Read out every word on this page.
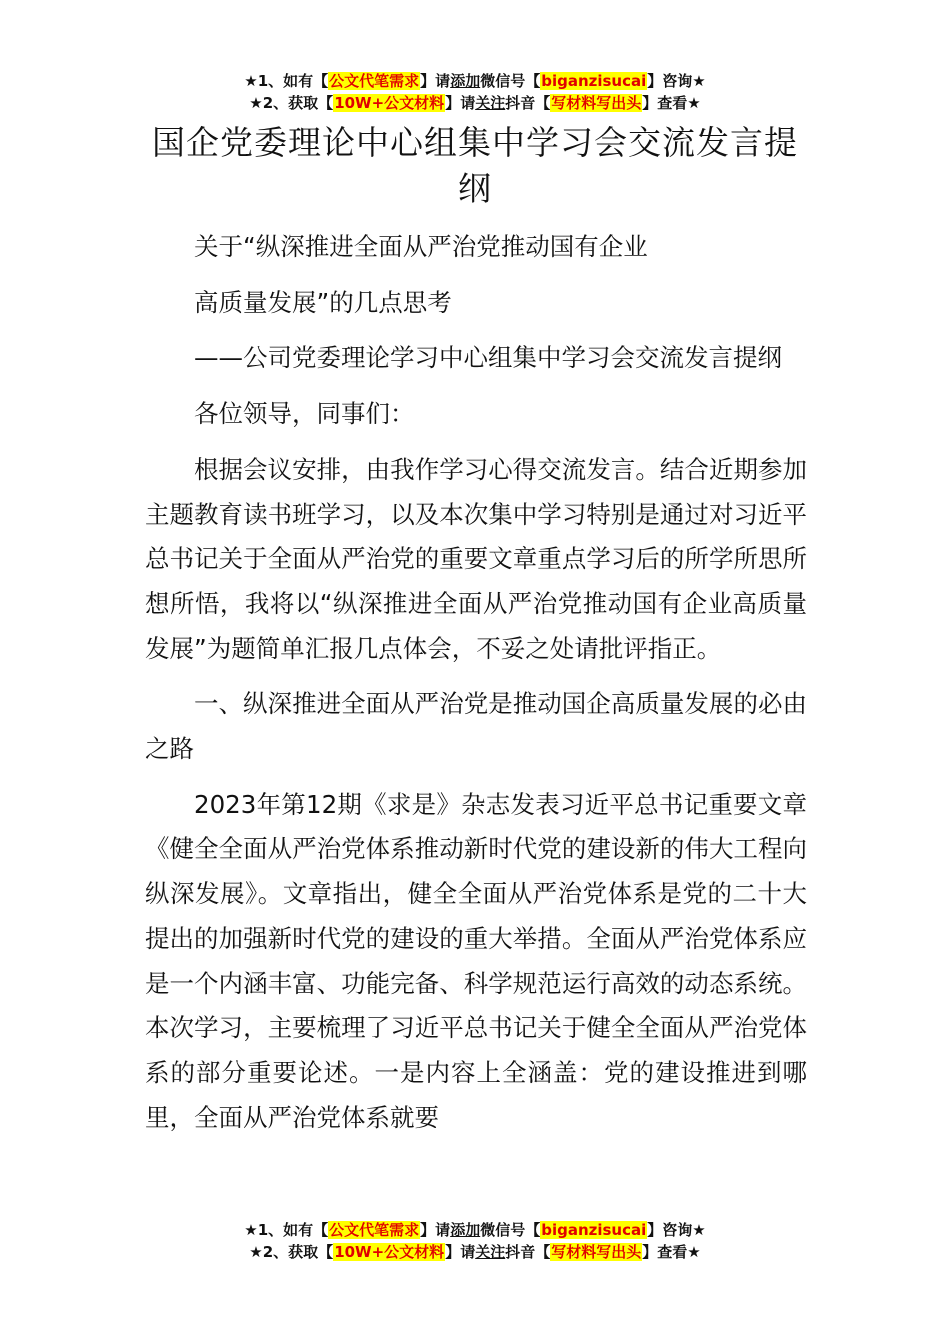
★1、如有【公文代笔需求】请添加微信号【biganzisucai】咨询★
★2、获取【10W+公文材料】请关注抖音【写材料写出头】查看★
国企党委理论中心组集中学习会交流发言提纲

关于“纵深推进全面从严治党推动国有企业

高质量发展”的几点思考

——公司党委理论学习中心组集中学习会交流发言提纲

各位领导，同事们：

根据会议安排，由我作学习心得交流发言。结合近期参加主题教育读书班学习，以及本次集中学习特别是通过对习近平总书记关于全面从严治党的重要文章重点学习后的所学所思所想所悟，我将以“纵深推进全面从严治党推动国有企业高质量发展”为题简单汇报几点体会，不妥之处请批评指正。

一、纵深推进全面从严治党是推动国企高质量发展的必由之路

2023年第12期《求是》杂志发表习近平总书记重要文章《健全全面从严治党体系推动新时代党的建设新的伟大工程向纵深发展》。文章指出，健全全面从严治党体系是党的二十大提出的加强新时代党的建设的重大举措。全面从严治党体系应是一个内涵丰富、功能完备、科学规范运行高效的动态系统。本次学习，主要梳理了习近平总书记关于健全全面从严治党体系的部分重要论述。一是内容上全涵盖：党的建设推进到哪里，全面从严治党体系就要

★1、如有【公文代笔需求】请添加微信号【biganzisucai】咨询★
★2、获取【10W+公文材料】请关注抖音【写材料写出头】查看★
